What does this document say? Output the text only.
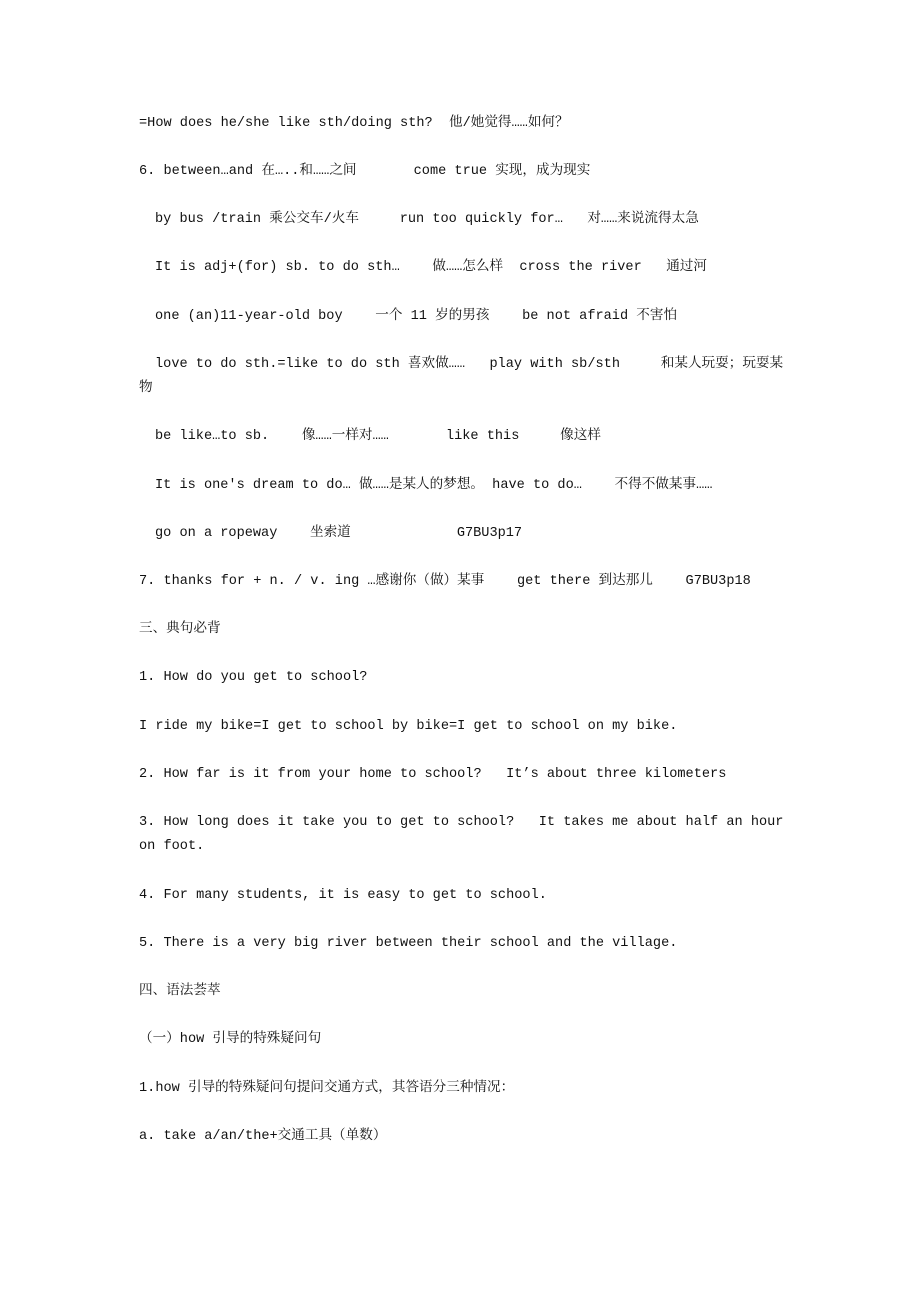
=How does he/she like sth/doing sth?  他/她觉得……如何？
6. between…and 在…..和……之间       come true 实现，成为现实
by bus /train 乘公交车/火车     run too quickly for…   对……来说流得太急
It is adj+(for) sb. to do sth…    做……怎么样  cross the river   通过河
one (an)11-year-old boy    一个 11 岁的男孩    be not afraid 不害怕
love to do sth.=like to do sth 喜欢做……   play with sb/sth     和某人玩耍；玩耍某物
be like…to sb.    像……一样对……       like this     像这样
It is one's dream to do… 做……是某人的梦想。 have to do…    不得不做某事……
go on a ropeway    坐索道             G7BU3p17
7. thanks for + n. / v. ing …感谢你（做）某事    get there 到达那儿    G7BU3p18
三、典句必背
1. How do you get to school?
I ride my bike=I get to school by bike=I get to school on my bike.
2. How far is it from your home to school?   It’s about three kilometers
3. How long does it take you to get to school?   It takes me about half an hour on foot.
4. For many students, it is easy to get to school.
5. There is a very big river between their school and the village.
四、语法荟萃
（一）how 引导的特殊疑问句
1.how 引导的特殊疑问句提问交通方式，其答语分三种情况：
a. take a/an/the+交通工具（单数）
